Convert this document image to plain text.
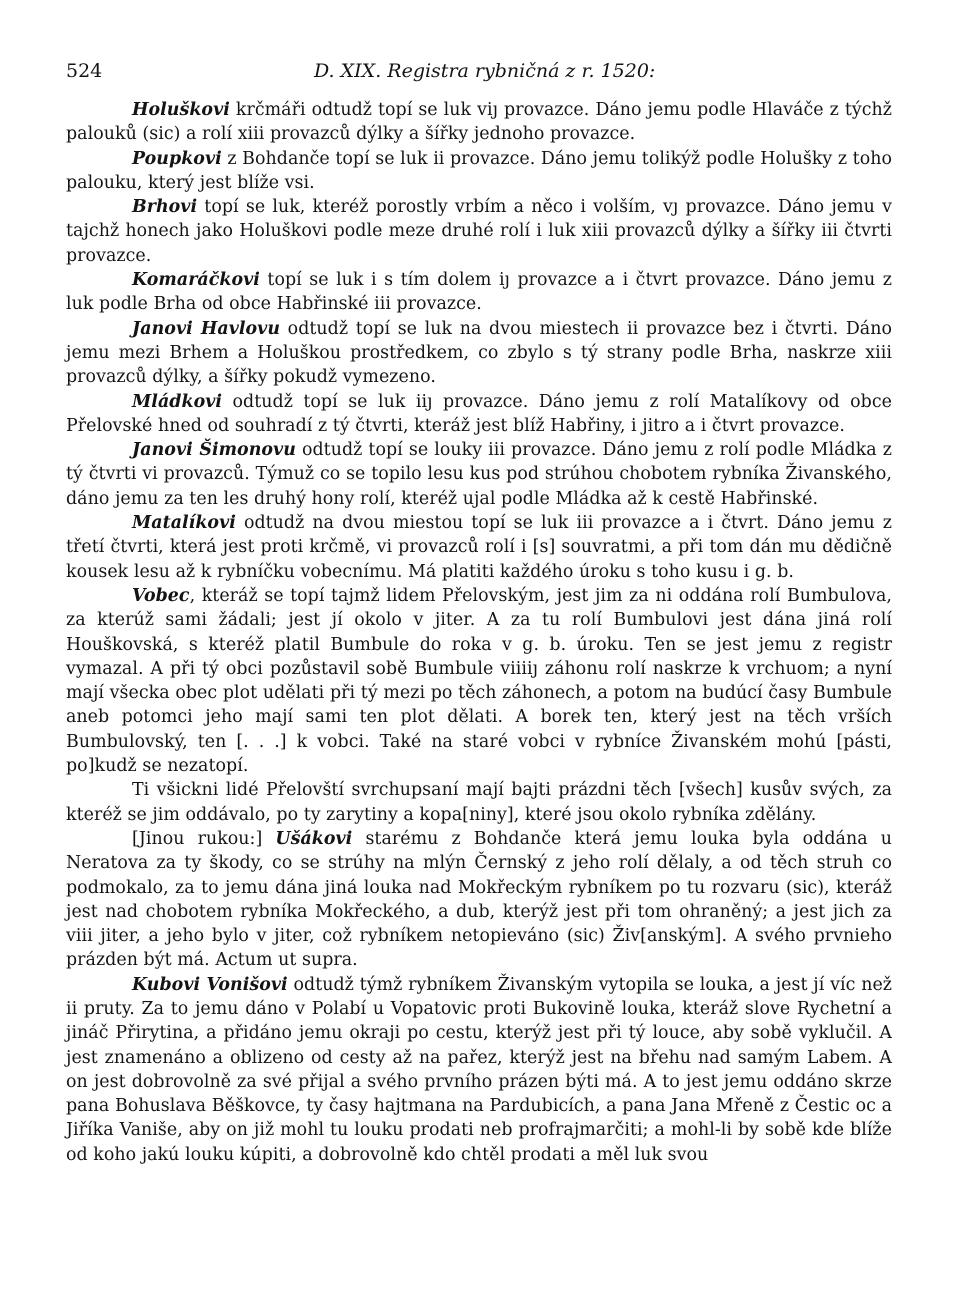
524	D. XIX. Registra rybničná z r. 1520:

Holuškovi krčmáři odtudž topí se luk viȷ provazce. Dáno jemu podle Hlaváče z týchž palouků (sic) a rolí xiii provazců dýlky a šířky jednoho provazce.

Poupkovi z Bohdanče topí se luk ii provazce. Dáno jemu tolikýž podle Holušky z toho palouku, který jest blíže vsi.

Brhovi topí se luk, kteréž porostly vrbím a něco i volším, vȷ provazce. Dáno jemu v tajchž honech jako Holuškovi podle meze druhé rolí i luk xiii provazců dýlky a šířky iii čtvrti provazce.

Komaráčkovi topí se luk i s tím dolem iȷ provazce a i čtvrt provazce. Dáno jemu z luk podle Brha od obce Habřinské iii provazce.

Janovi Havlovu odtudž topí se luk na dvou miestech ii provazce bez i čtvrti. Dáno jemu mezi Brhem a Holuškou prostředkem, co zbylo s tý strany podle Brha, naskrze xiii provazců dýlky, a šířky pokudž vymezeno.

Mládkovi odtudž topí se luk iiȷ provazce. Dáno jemu z rolí Matalíkovy od obce Přelovské hned od souhradí z tý čtvrti, kteráž jest blíž Habřiny, i jitro a i čtvrt provazce.

Janovi Šimonovu odtudž topí se louky iii provazce. Dáno jemu z rolí podle Mládka z tý čtvrti vi provazců. Týmuž co se topilo lesu kus pod strúhou chobotem rybníka Živanského, dáno jemu za ten les druhý hony rolí, kteréž ujal podle Mládka až k cestě Habřinské.

Matalíkovi odtudž na dvou miestou topí se luk iii provazce a i čtvrt. Dáno jemu z třetí čtvrti, která jest proti krčmě, vi provazců rolí i [s] souvratmi, a při tom dán mu dědičně kousek lesu až k rybníčku vobecnímu. Má platiti každého úroku s toho kusu i g. b.

Vobec, kteráž se topí tajmž lidem Přelovským, jest jim za ni oddána rolí Bumbulova, za kterúž sami žádali; jest jí okolo v jiter. A za tu rolí Bumbulovi jest dána jiná rolí Houškovská, s kteréž platil Bumbule do roka v g. b. úroku. Ten se jest jemu z registr vymazal. A při tý obci pozůstavil sobě Bumbule viiiiȷ záhonu rolí naskrze k vrchuom; a nyní mají všecka obec plot udělati při tý mezi po těch záhonech, a potom na budúcí časy Bumbule aneb potomci jeho mají sami ten plot dělati. A borek ten, který jest na těch vrších Bumbulovský, ten [. . .] k vobci. Také na staré vobci v rybníce Živanském mohú [pásti, po]kudž se nezatopí.

Ti všickni lidé Přelovští svrchupsaní mají bajti prázdni těch [všech] kusův svých, za kteréž se jim oddávalo, po ty zarytiny a kopa[niny], které jsou okolo rybníka zdělány.

[Jinou rukou:] Ušákovi starému z Bohdanče která jemu louka byla oddána u Neratova za ty škody, co se strúhy na mlýn Černský z jeho rolí dělaly, a od těch struh co podmokalo, za to jemu dána jiná louka nad Mokřeckým rybníkem po tu rozvaru (sic), kteráž jest nad chobotem rybníka Mokřeckého, a dub, kterýž jest při tom ohraněný; a jest jich za viii jiter, a jeho bylo v jiter, což rybníkem netopieváno (sic) Živ[anským]. A svého prvnieho prázden být má. Actum ut supra.

Kubovi Vonišovi odtudž týmž rybníkem Živanským vytopila se louka, a jest jí víc než ii pruty. Za to jemu dáno v Polabí u Vopatovic proti Bukovině louka, kteráž slove Rychetní a jináč Přirytina, a přidáno jemu okraji po cestu, kterýž jest při tý louce, aby sobě vyklučil. A jest znamenáno a oblizeno od cesty až na pařez, kterýž jest na břehu nad samým Labem. A on jest dobrovolně za své přijal a svého prvního prázen býti má. A to jest jemu oddáno skrze pana Bohuslava Běškovce, ty časy hajtmana na Pardubicích, a pana Jana Mřeně z Čestic oc a Jiříka Vaniše, aby on již mohl tu louku prodati neb profrajmarčiti; a mohl-li by sobě kde blíže od koho jakú louku kúpiti, a dobrovolně kdo chtěl prodati a měl luk svou
